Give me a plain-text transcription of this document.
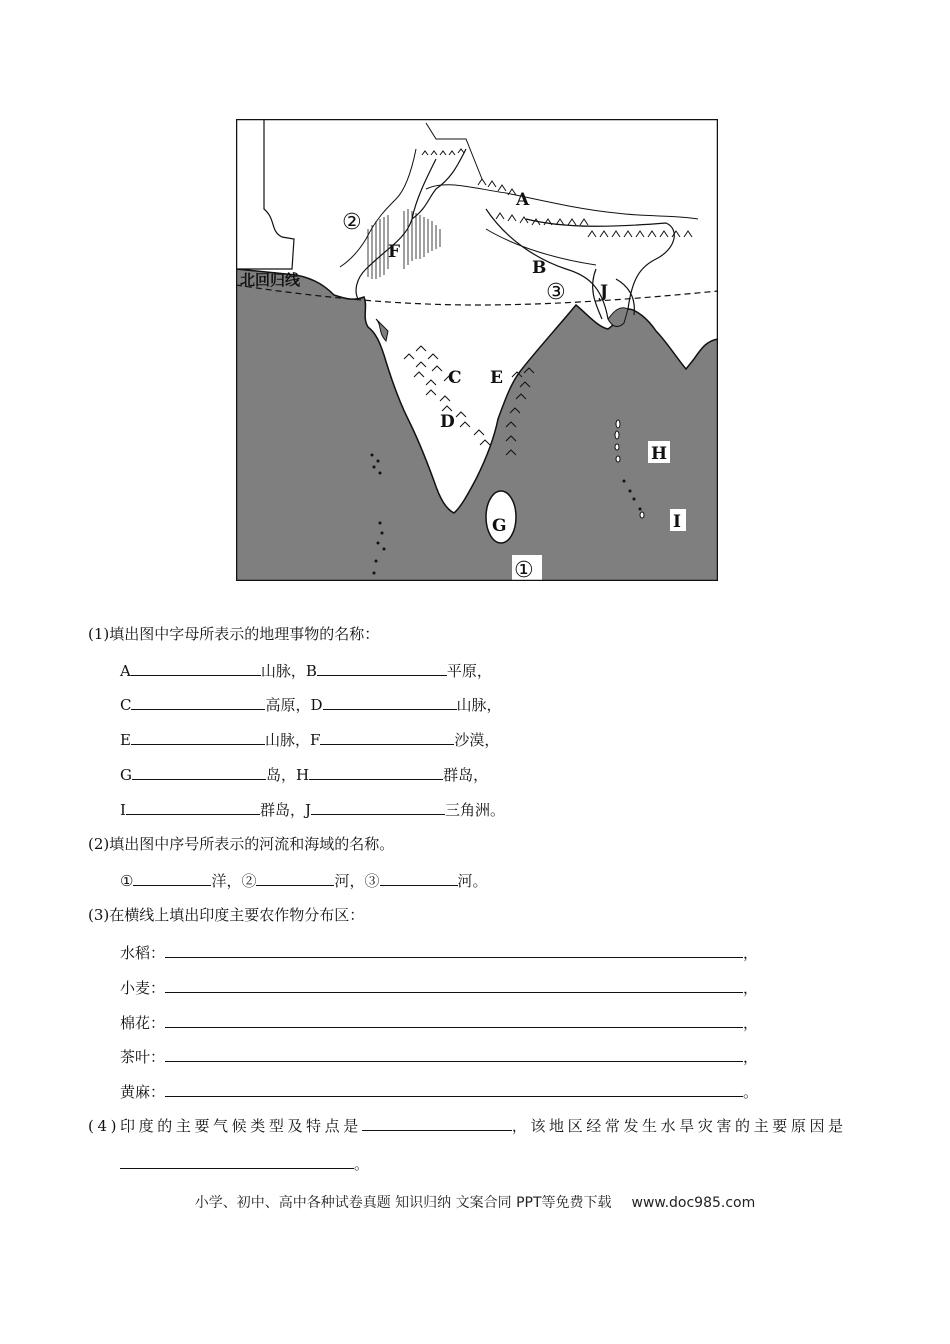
北回归线
A
B
C
D
E
F
G
J
H
I
②
③
①
(1)填出图中字母所表示的地理事物的名称：
A	山脉，B	平原，
C	高原，D	山脉，
E	山脉，F	沙漠，
G	岛，H	群岛，
I	群岛，J	三角洲。
(2)填出图中序号所表示的河流和海域的名称。
①	洋，②	河，③	河。
(3)在横线上填出印度主要农作物分布区：
水稻：	，
小麦：	，
棉花：	，
茶叶：	，
黄麻：	。
(4)印度的主要气候类型及特点是	，该地区经常发生水旱灾害的主要原因是
。
小学、初中、高中各种试卷真题 知识归纳 文案合同 PPT等免费下载 www.doc985.com
